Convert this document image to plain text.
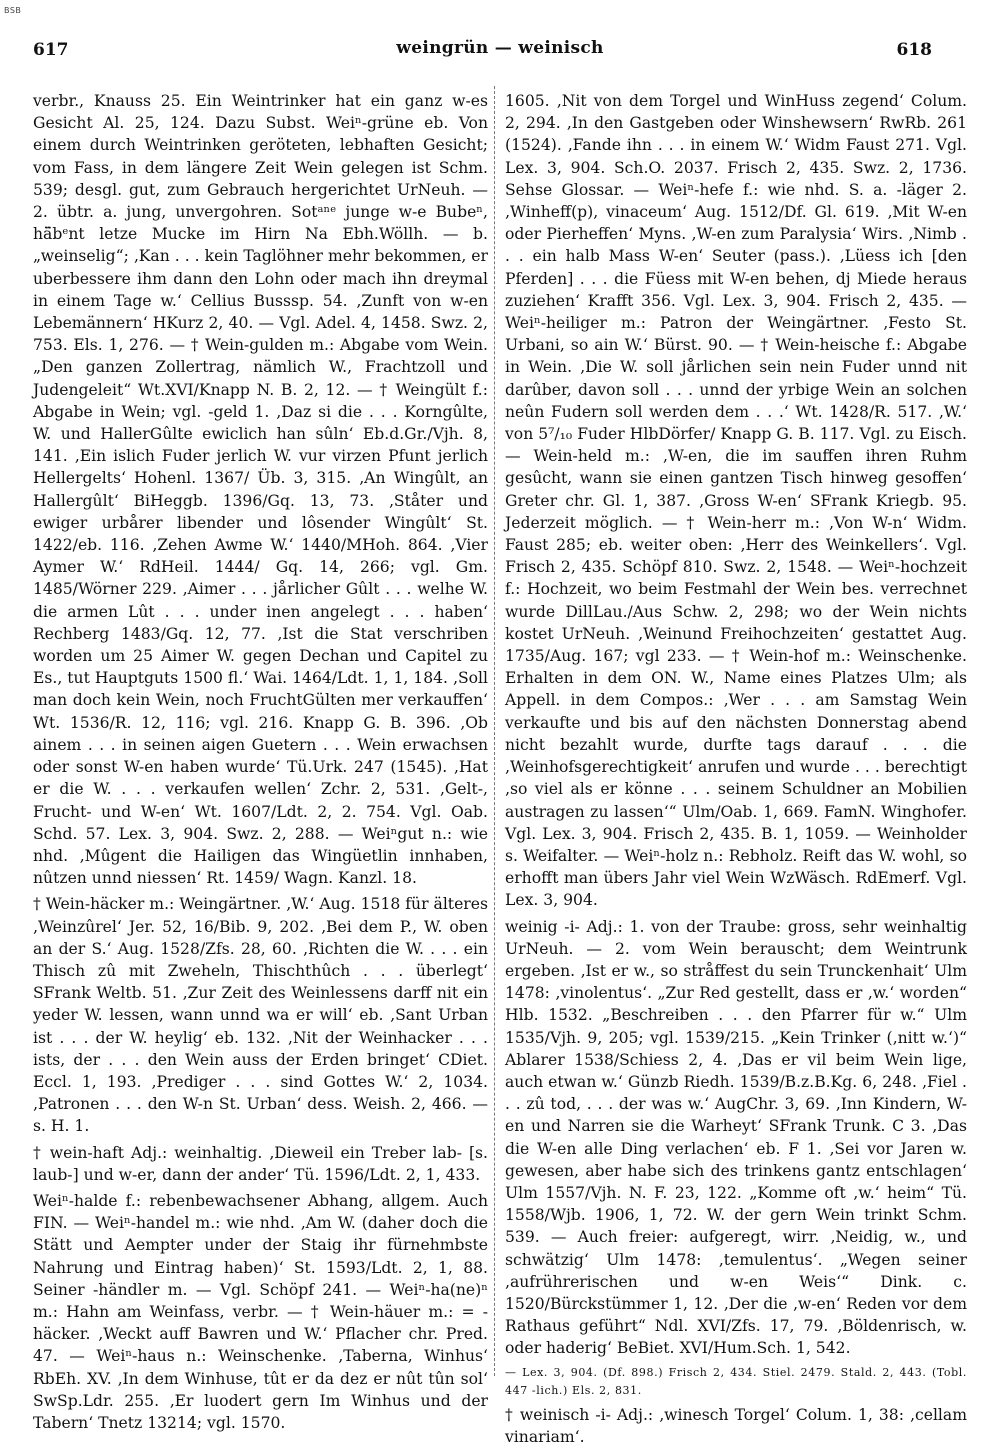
BSB
617	weingrün — weinisch	618

verbr., Knauss 25. Ein Weintrinker hat ein ganz w-es Gesicht Al. 25, 124. Dazu Subst. Weiⁿ-grüne eb. Von einem durch Weintrinken geröteten, lebhaften Gesicht; vom Fass, in dem längere Zeit Wein gelegen ist Schm. 539; desgl. gut, zum Gebrauch hergerichtet UrNeuh. — 2. übtr. a. jung, unvergohren. Sotᵃⁿᵉ junge w-e Bubeⁿ, hä̈bᵉnt letze Mucke im Hirn Na Ebh.Wöllh. — b. „weinselig“; ‚Kan . . . kein Taglöhner mehr bekommen, er uberbessere ihm dann den Lohn oder mach ihn dreymal in einem Tage w.‘ Cellius Busssp. 54. ‚Zunft von w-en Lebemännern‘ HKurz 2, 40. — Vgl. Adel. 4, 1458. Swz. 2, 753. Els. 1, 276. — † Wein-gulden m.: Abgabe vom Wein. „Den ganzen Zollertrag, nämlich W., Frachtzoll und Judengeleit“ Wt.XVI/Knapp N. B. 2, 12. — † Weingült f.: Abgabe in Wein; vgl. -geld 1. ‚Daz si die . . . Korngûlte, W. und HallerGûlte ewiclich han sûln‘ Eb.d.Gr./Vjh. 8, 141. ‚Ein islich Fuder jerlich W. vur virzen Pfunt jerlich Hellergelts‘ Hohenl. 1367/ Üb. 3, 315. ‚An Wingûlt, an Hallergûlt‘ BiHeggb. 1396/Gq. 13, 73. ‚Ståter und ewiger urbårer libender und lôsender Wingûlt‘ St. 1422/eb. 116. ‚Zehen Awme W.‘ 1440/MHoh. 864. ‚Vier Aymer W.‘ RdHeil. 1444/ Gq. 14, 266; vgl. Gm. 1485/Wörner 229. ‚Aimer . . . jårlicher Gûlt . . . welhe W. die armen Lût . . . under inen angelegt . . . haben‘ Rechberg 1483/Gq. 12, 77. ‚Ist die Stat verschriben worden um 25 Aimer W. gegen Dechan und Capitel zu Es., tut Hauptguts 1500 fl.‘ Wai. 1464/Ldt. 1, 1, 184. ‚Soll man doch kein Wein, noch FruchtGülten mer verkauffen‘ Wt. 1536/R. 12, 116; vgl. 216. Knapp G. B. 396. ‚Ob ainem . . . in seinen aigen Guetern . . . Wein erwachsen oder sonst W-en haben wurde‘ Tü.Urk. 247 (1545). ‚Hat er die W. . . . verkaufen wellen‘ Zchr. 2, 531. ‚Gelt-, Frucht- und W-en‘ Wt. 1607/Ldt. 2, 2. 754. Vgl. Oab. Schd. 57. Lex. 3, 904. Swz. 2, 288. — Weiⁿgut n.: wie nhd. ‚Mûgent die Hailigen das Wingüetlin innhaben, nûtzen unnd niessen‘ Rt. 1459/ Wagn. Kanzl. 18.

† Wein-häcker m.: Weingärtner. ‚W.‘ Aug. 1518 für älteres ‚Weinzûrel‘ Jer. 52, 16/Bib. 9, 202. ‚Bei dem P., W. oben an der S.‘ Aug. 1528/Zfs. 28, 60. ‚Richten die W. . . . ein Thisch zû mit Zweheln, Thischthûch . . . überlegt‘ SFrank Weltb. 51. ‚Zur Zeit des Weinlessens darff nit ein yeder W. lessen, wann unnd wa er will‘ eb. ‚Sant Urban ist . . . der W. heylig‘ eb. 132. ‚Nit der Weinhacker . . . ists, der . . . den Wein auss der Erden bringet‘ CDiet. Eccl. 1, 193. ‚Prediger . . . sind Gottes W.‘ 2, 1034. ‚Patronen . . . den W-n St. Urban‘ dess. Weish. 2, 466. — s. H. 1.

† wein-haft Adj.: weinhaltig. ‚Dieweil ein Treber lab- [s. laub-] und w-er, dann der ander‘ Tü. 1596/Ldt. 2, 1, 433.

Weiⁿ-halde f.: rebenbewachsener Abhang, allgem. Auch FIN. — Weiⁿ-handel m.: wie nhd. ‚Am W. (daher doch die Stätt und Aempter under der Staig ihr fürnehmbste Nahrung und Eintrag haben)‘ St. 1593/Ldt. 2, 1, 88. Seiner -händler m. — Vgl. Schöpf 241. — Weiⁿ-ha(ne)ⁿ m.: Hahn am Weinfass, verbr. — † Wein-häuer m.: = -häcker. ‚Weckt auff Bawren und W.‘ Pflacher chr. Pred. 47. — Weiⁿ-haus n.: Weinschenke. ‚Taberna, Winhus‘ RbEh. XV. ‚In dem Winhuse, tût er da dez er nût tûn sol‘ SwSp.Ldr. 255. ‚Er luodert gern Im Winhus und der Tabern‘ Tnetz 13214; vgl. 1570.

1605. ‚Nit von dem Torgel und WinHuss zegend‘ Colum. 2, 294. ‚In den Gastgeben oder Winshewsern‘ RwRb. 261 (1524). ‚Fande ihn . . . in einem W.‘ Widm Faust 271. Vgl. Lex. 3, 904. Sch.O. 2037. Frisch 2, 435. Swz. 2, 1736. Sehse Glossar. — Weiⁿ-hefe f.: wie nhd. S. a. -läger 2. ‚Winheff(p), vinaceum‘ Aug. 1512/Df. Gl. 619. ‚Mit W-en oder Pierheffen‘ Myns. ‚W-en zum Paralysia‘ Wirs. ‚Nimb . . . ein halb Mass W-en‘ Seuter (pass.). ‚Lüess ich [den Pferden] . . . die Füess mit W-en behen, dj Miede heraus zuziehen‘ Krafft 356. Vgl. Lex. 3, 904. Frisch 2, 435. — Weiⁿ-heiliger m.: Patron der Weingärtner. ‚Festo St. Urbani, so ain W.‘ Bürst. 90. — † Wein-heische f.: Abgabe in Wein. ‚Die W. soll jårlichen sein nein Fuder unnd nit darûber, davon soll . . . unnd der yrbige Wein an solchen neûn Fudern soll werden dem . . .‘ Wt. 1428/R. 517. ‚W.‘ von 5⁷/₁₀ Fuder HlbDörfer/ Knapp G. B. 117. Vgl. zu Eisch. — Wein-held m.: ‚W-en, die im sauffen ihren Ruhm gesûcht, wann sie einen gantzen Tisch hinweg gesoffen‘ Greter chr. Gl. 1, 387. ‚Gross W-en‘ SFrank Kriegb. 95. Jederzeit möglich. — † Wein-herr m.: ‚Von W-n‘ Widm. Faust 285; eb. weiter oben: ‚Herr des Weinkellers‘. Vgl. Frisch 2, 435. Schöpf 810. Swz. 2, 1548. — Weiⁿ-hochzeit f.: Hochzeit, wo beim Festmahl der Wein bes. verrechnet wurde DillLau./Aus Schw. 2, 298; wo der Wein nichts kostet UrNeuh. ‚Weinund Freihochzeiten‘ gestattet Aug. 1735/Aug. 167; vgl 233. — † Wein-hof m.: Weinschenke. Erhalten in dem ON. W., Name eines Platzes Ulm; als Appell. in dem Compos.: ‚Wer . . . am Samstag Wein verkaufte und bis auf den nächsten Donnerstag abend nicht bezahlt wurde, durfte tags darauf . . . die ‚Weinhofsgerechtigkeit‘ anrufen und wurde . . . berechtigt ‚so viel als er könne . . . seinem Schuldner an Mobilien austragen zu lassen‘“ Ulm/Oab. 1, 669. FamN. Winghofer. Vgl. Lex. 3, 904. Frisch 2, 435. B. 1, 1059. — Weinholder s. Weifalter. — Weiⁿ-holz n.: Rebholz. Reift das W. wohl, so erhofft man übers Jahr viel Wein WzWäsch. RdEmerf. Vgl. Lex. 3, 904.

weinig -i- Adj.: 1. von der Traube: gross, sehr weinhaltig UrNeuh. — 2. vom Wein berauscht; dem Weintrunk ergeben. ‚Ist er w., so stråffest du sein Trunckenhait‘ Ulm 1478: ‚vinolentus‘. „Zur Red gestellt, dass er ‚w.‘ worden“ Hlb. 1532. „Beschreiben . . . den Pfarrer für w.“ Ulm 1535/Vjh. 9, 205; vgl. 1539/215. „Kein Trinker (‚nitt w.‘)“ Ablarer 1538/Schiess 2, 4. ‚Das er vil beim Wein lige, auch etwan w.‘ Günzb Riedh. 1539/B.z.B.Kg. 6, 248. ‚Fiel . . . zû tod, . . . der was w.‘ AugChr. 3, 69. ‚Inn Kindern, W-en und Narren sie die Warheyt‘ SFrank Trunk. C 3. ‚Das die W-en alle Ding verlachen‘ eb. F 1. ‚Sei vor Jaren w. gewesen, aber habe sich des trinkens gantz entschlagen‘ Ulm 1557/Vjh. N. F. 23, 122. „Komme oft ‚w.‘ heim“ Tü. 1558/Wjb. 1906, 1, 72. W. der gern Wein trinkt Schm. 539. — Auch freier: aufgeregt, wirr. ‚Neidig, w., und schwätzig‘ Ulm 1478: ‚temulentus‘. „Wegen seiner ‚aufrührerischen und w-en Weis‘“ Dink. c. 1520/Bürckstümmer 1, 12. ‚Der die ‚w-en‘ Reden vor dem Rathaus geführt“ Ndl. XVI/Zfs. 17, 79. ‚Böldenrisch, w. oder haderig‘ BeBiet. XVI/Hum.Sch. 1, 542.

— Lex. 3, 904. (Df. 898.) Frisch 2, 434. Stiel. 2479. Stald. 2, 443. (Tobl. 447 -lich.) Els. 2, 831.

† weinisch -i- Adj.: ‚winesch Torgel‘ Colum. 1, 38: ‚cellam vinariam‘.
